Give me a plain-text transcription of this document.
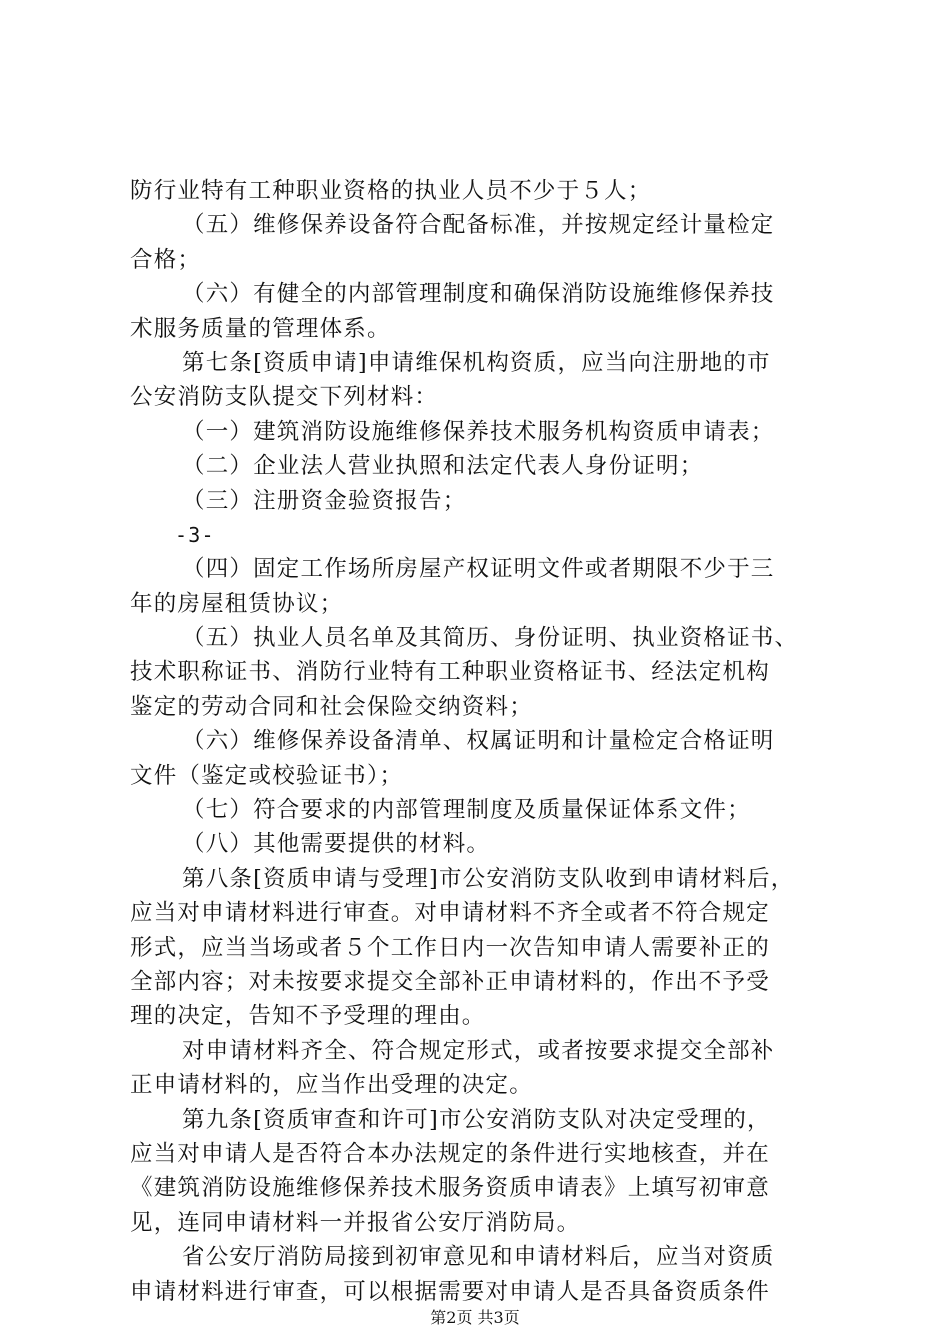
防行业特有工种职业资格的执业人员不少于５人；
（五）维修保养设备符合配备标准，并按规定经计量检定
合格；
（六）有健全的内部管理制度和确保消防设施维修保养技
术服务质量的管理体系。
第七条[资质申请]申请维保机构资质，应当向注册地的市
公安消防支队提交下列材料：
（一）建筑消防设施维修保养技术服务机构资质申请表；
（二）企业法人营业执照和法定代表人身份证明；
（三）注册资金验资报告；
-3-
（四）固定工作场所房屋产权证明文件或者期限不少于三
年的房屋租赁协议；
（五）执业人员名单及其简历、身份证明、执业资格证书、
技术职称证书、消防行业特有工种职业资格证书、经法定机构
鉴定的劳动合同和社会保险交纳资料；
（六）维修保养设备清单、权属证明和计量检定合格证明
文件（鉴定或校验证书）；
（七）符合要求的内部管理制度及质量保证体系文件；
（八）其他需要提供的材料。
第八条[资质申请与受理]市公安消防支队收到申请材料后，
应当对申请材料进行审查。对申请材料不齐全或者不符合规定
形式，应当当场或者５个工作日内一次告知申请人需要补正的
全部内容；对未按要求提交全部补正申请材料的，作出不予受
理的决定，告知不予受理的理由。
对申请材料齐全、符合规定形式，或者按要求提交全部补
正申请材料的，应当作出受理的决定。
第九条[资质审查和许可]市公安消防支队对决定受理的，
应当对申请人是否符合本办法规定的条件进行实地核查，并在
《建筑消防设施维修保养技术服务资质申请表》上填写初审意
见，连同申请材料一并报省公安厅消防局。
省公安厅消防局接到初审意见和申请材料后，应当对资质
申请材料进行审查，可以根据需要对申请人是否具备资质条件
第2页 共3页
